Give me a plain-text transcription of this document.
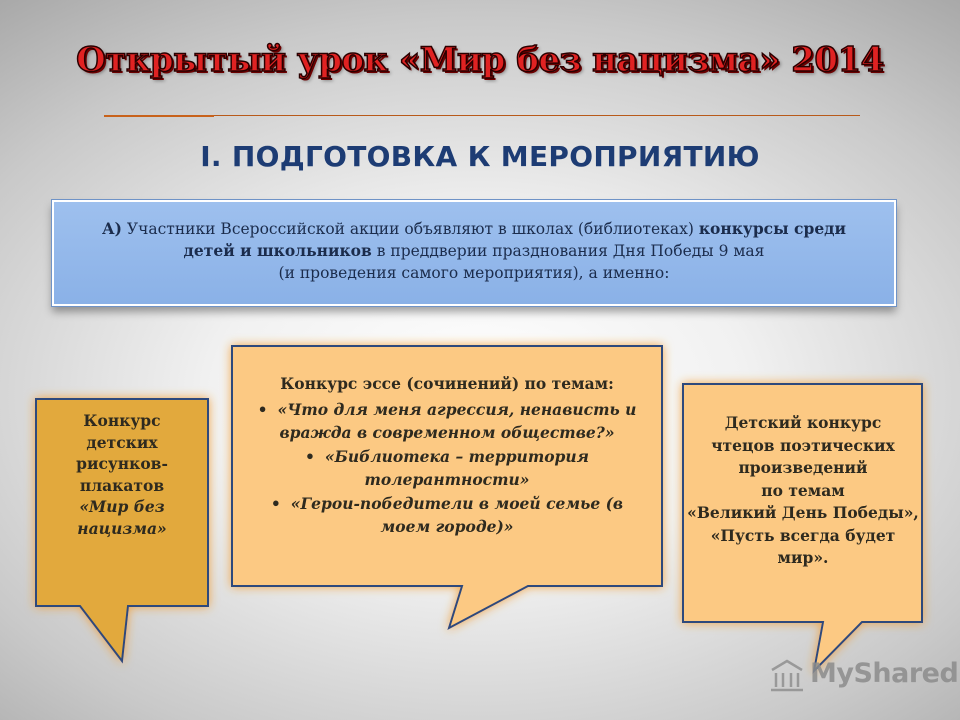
Открытый урок «Мир без нацизма» 2014
I. ПОДГОТОВКА К МЕРОПРИЯТИЮ
А) Участники Всероссийской акции объявляют в школах (библиотеках) конкурсы среди детей и школьников в преддверии празднования Дня Победы 9 мая
(и проведения самого мероприятия), а именно:
Конкурс
детских
рисунков-
плакатов
«Мир без нацизма»
Конкурс эссе (сочинений) по темам:
• «Что для меня агрессия, ненависть и вражда в современном обществе?»
• «Библиотека – территория толерантности»
• «Герои-победители в моей семье (в моем городе)»
Детский конкурс
чтецов поэтических
произведений
по темам
«Великий День Победы», «Пусть всегда будет мир».
MyShared
